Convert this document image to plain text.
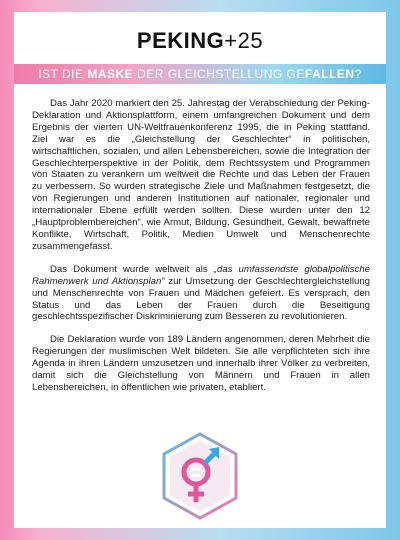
PEKING+25
IST DIE MASKE DER GLEICHSTELLUNG GEFALLEN?

Das Jahr 2020 markiert den 25. Jahrestag der Verabschiedung der Peking-Deklaration und Aktionsplattform, einem umfangreichen Dokument und dem Ergebnis der vierten UN-Weltfrauenkonferenz 1995, die in Peking stattfand. Ziel war es die „Gleichstellung der Geschlechter“ in politischen, wirtschaftlichen, sozialen, und allen Lebensbereichen, sowie die Integration der Geschlechterperspektive in der Politik, dem Rechtssystem und Programmen von Staaten zu verankern um weltweit die Rechte und das Leben der Frauen zu verbessern. So wurden strategische Ziele und Maßnahmen festgesetzt, die von Regierungen und anderen Institutionen auf nationaler, regionaler und internationaler Ebene erfüllt werden sollten. Diese wurden unter den 12 „Hauptproblembereichen“, wie Armut, Bildung, Gesundheit, Gewalt, bewaffnete Konflikte, Wirtschaft, Politik, Medien Umwelt und Menschenrechte zusammengefasst.

Das Dokument wurde weltweit als „das umfassendste globalpolitische Rahmenwerk und Aktionsplan“ zur Umsetzung der Geschlechtergleichstellung und Menschenrechte von Frauen und Mädchen gefeiert. Es versprach, den Status und das Leben der Frauen durch die Beseitigung geschlechtsspezifischer Diskriminierung zum Besseren zu revolutionieren.

Die Deklaration wurde von 189 Ländern angenommen, deren Mehrheit die Regierungen der muslimischen Welt bildeten. Sie alle verpflichteten sich ihre Agenda in ihren Ländern umzusetzen und innerhalb ihrer Völker zu verbreiten, damit sich die Gleichstellung von Männern und Frauen in allen Lebensbereichen, in öffentlichen wie privaten, etabliert.
